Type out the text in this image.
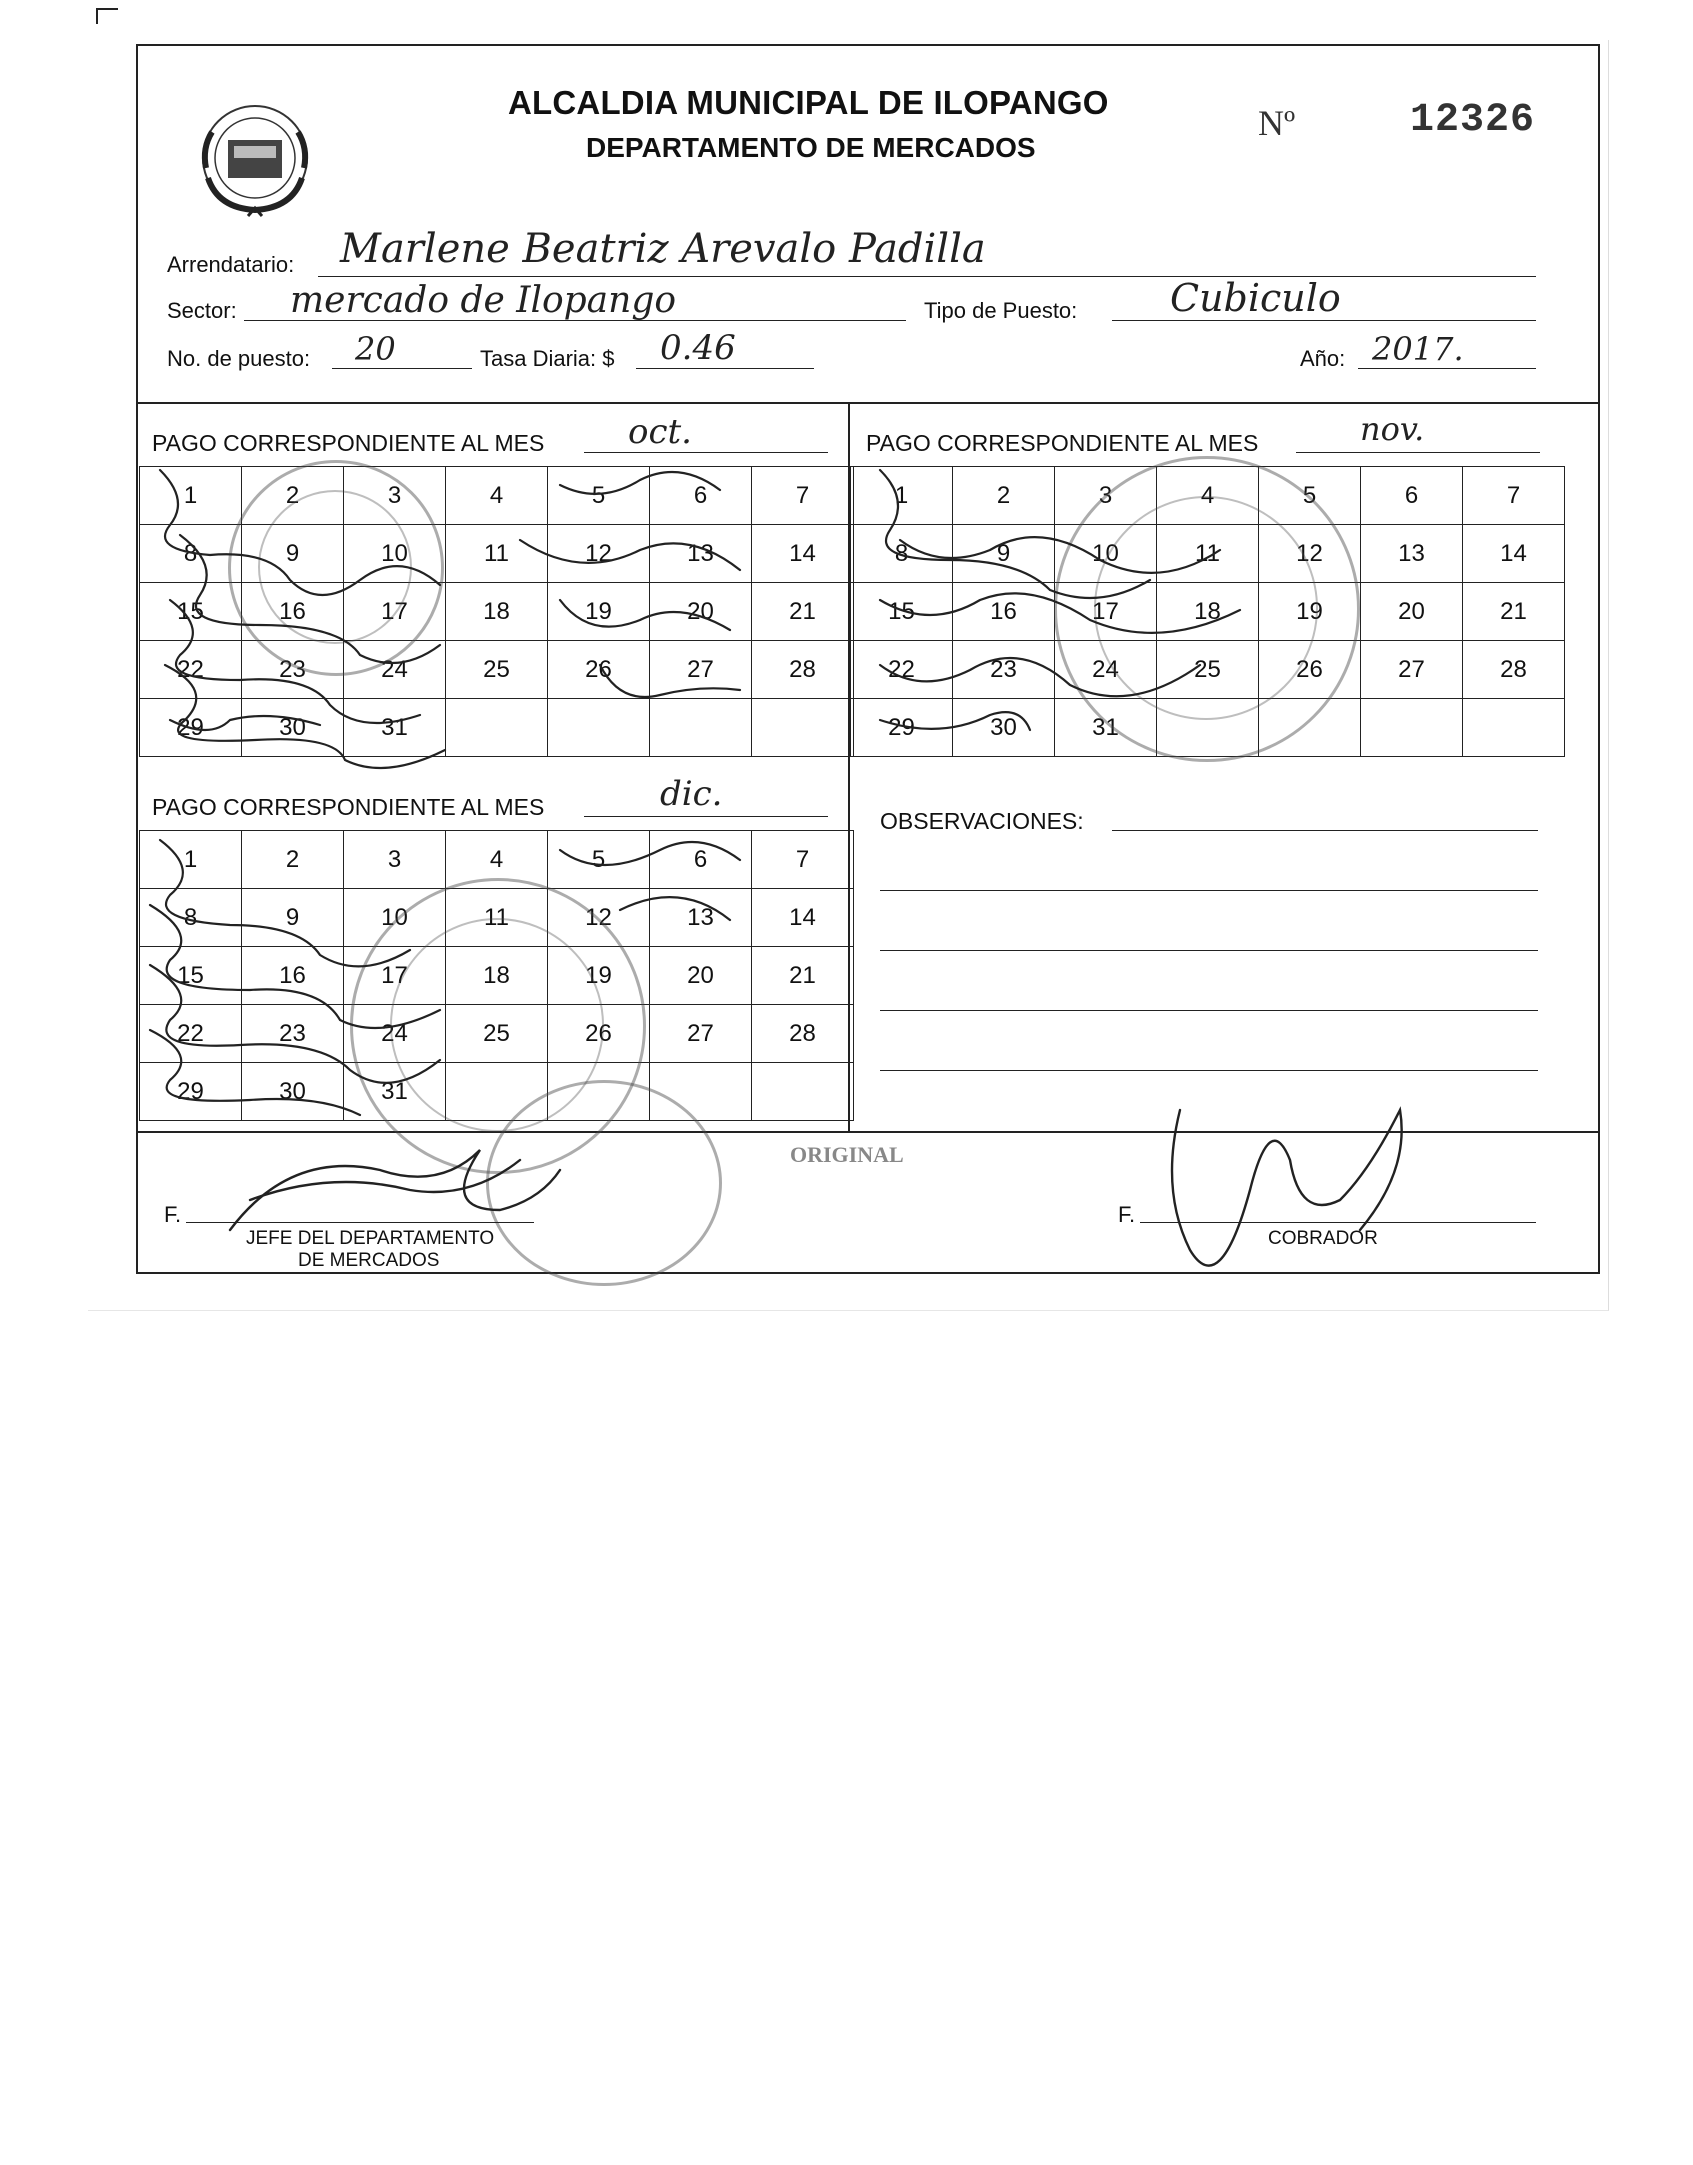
ALCALDIA MUNICIPAL DE ILOPANGO
DEPARTAMENTO DE MERCADOS
Nº	12326
Arrendatario: Marlene Beatriz Arevalo Padilla
Sector: mercado de Ilopango	Tipo de Puesto: Cubiculo
No. de puesto: 20	Tasa Diaria: $ 0.46	Año: 2017.
PAGO CORRESPONDIENTE AL MES oct.
1	2	3	4	5	6	7
8	9	10	11	12	13	14
15	16	17	18	19	20	21
22	23	24	25	26	27	28
29	30	31				
PAGO CORRESPONDIENTE AL MES	nov.
1	2	3	4	5	6	7
8	9	10	11	12	13	14
15	16	17	18	19	20	21
22	23	24	25	26	27	28
29	30	31				
PAGO CORRESPONDIENTE AL MES	dic.
1	2	3	4	5	6	7
8	9	10	11	12	13	14
15	16	17	18	19	20	21
22	23	24	25	26	27	28
29	30	31				
OBSERVACIONES:
ORIGINAL
F.
JEFE DEL DEPARTAMENTO
DE MERCADOS
F.
COBRADOR
